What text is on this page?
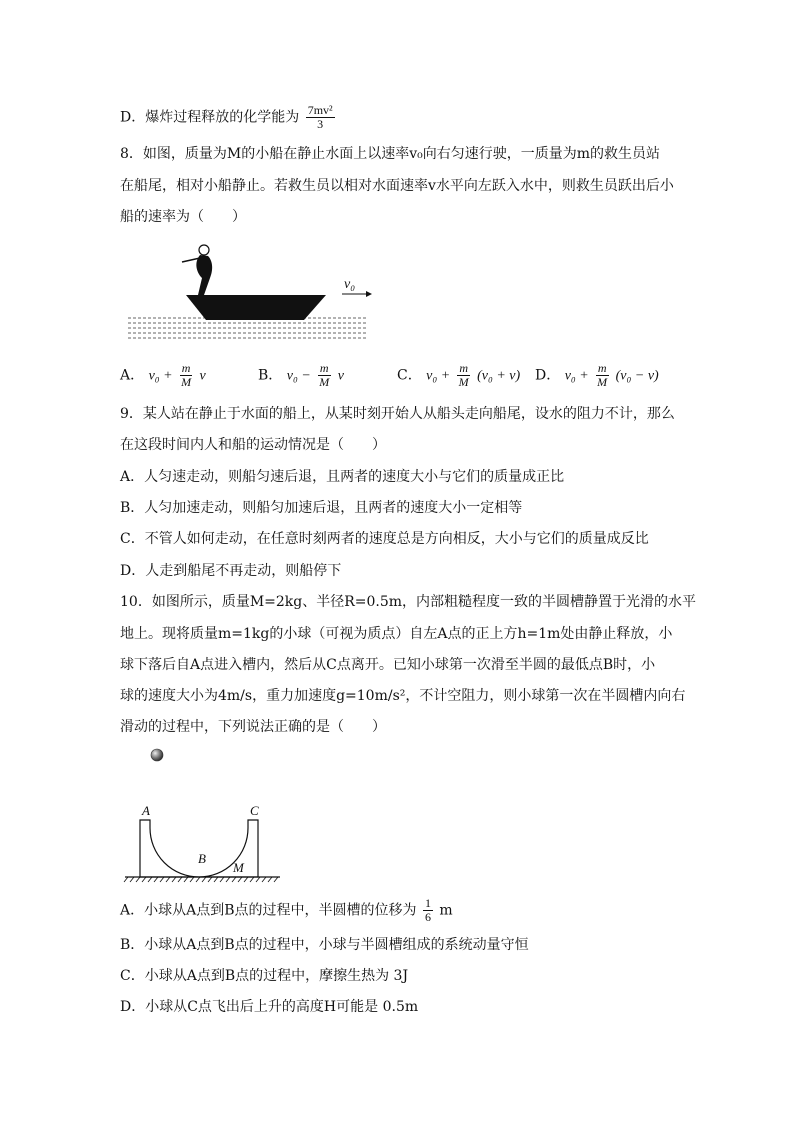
D．爆炸过程释放的化学能为 $\frac{\text{7mv²}}{3}$
8．如图，质量为M的小船在静止水面上以速率v₀向右匀速行驶，一质量为m的救生员站
在船尾，相对小船静止。若救生员以相对水面速率v水平向左跃入水中，则救生员跃出后小
船的速率为（　　）
v₀
A． $v_0 + \frac{m}{M}$ v	B． $v_0 - \frac{m}{M}$ v	C． $v_0 + \frac{m}{M} (v_0 + v)$ D． $v_0 + \frac{m}{M} (v_0 - v)$
9．某人站在静止于水面的船上，从某时刻开始人从船头走向船尾，设水的阻力不计，那么
在这段时间内人和船的运动情况是（　　）
A．人匀速走动，则船匀速后退，且两者的速度大小与它们的质量成正比
B．人匀加速走动，则船匀加速后退，且两者的速度大小一定相等
C．不管人如何走动，在任意时刻两者的速度总是方向相反，大小与它们的质量成反比
D．人走到船尾不再走动，则船停下
10．如图所示，质量M=2kg、半径R=0.5m，内部粗糙程度一致的半圆槽静置于光滑的水平
地上。现将质量m=1kg的小球（可视为质点）自左A点的正上方h=1m处由静止释放，小
球下落后自A点进入槽内，然后从C点离开。已知小球第一次滑至半圆的最低点B时，小
球的速度大小为4m/s，重力加速度g=10m/s²，不计空阻力，则小球第一次在半圆槽内向右
滑动的过程中，下列说法正确的是（　　）
A	C
B
M
A．小球从A点到B点的过程中，半圆槽的位移为 $\frac{1}{6}$ m
B．小球从A点到B点的过程中，小球与半圆槽组成的系统动量守恒
C．小球从A点到B点的过程中，摩擦生热为 3J
D．小球从C点飞出后上升的高度H可能是 0.5m
